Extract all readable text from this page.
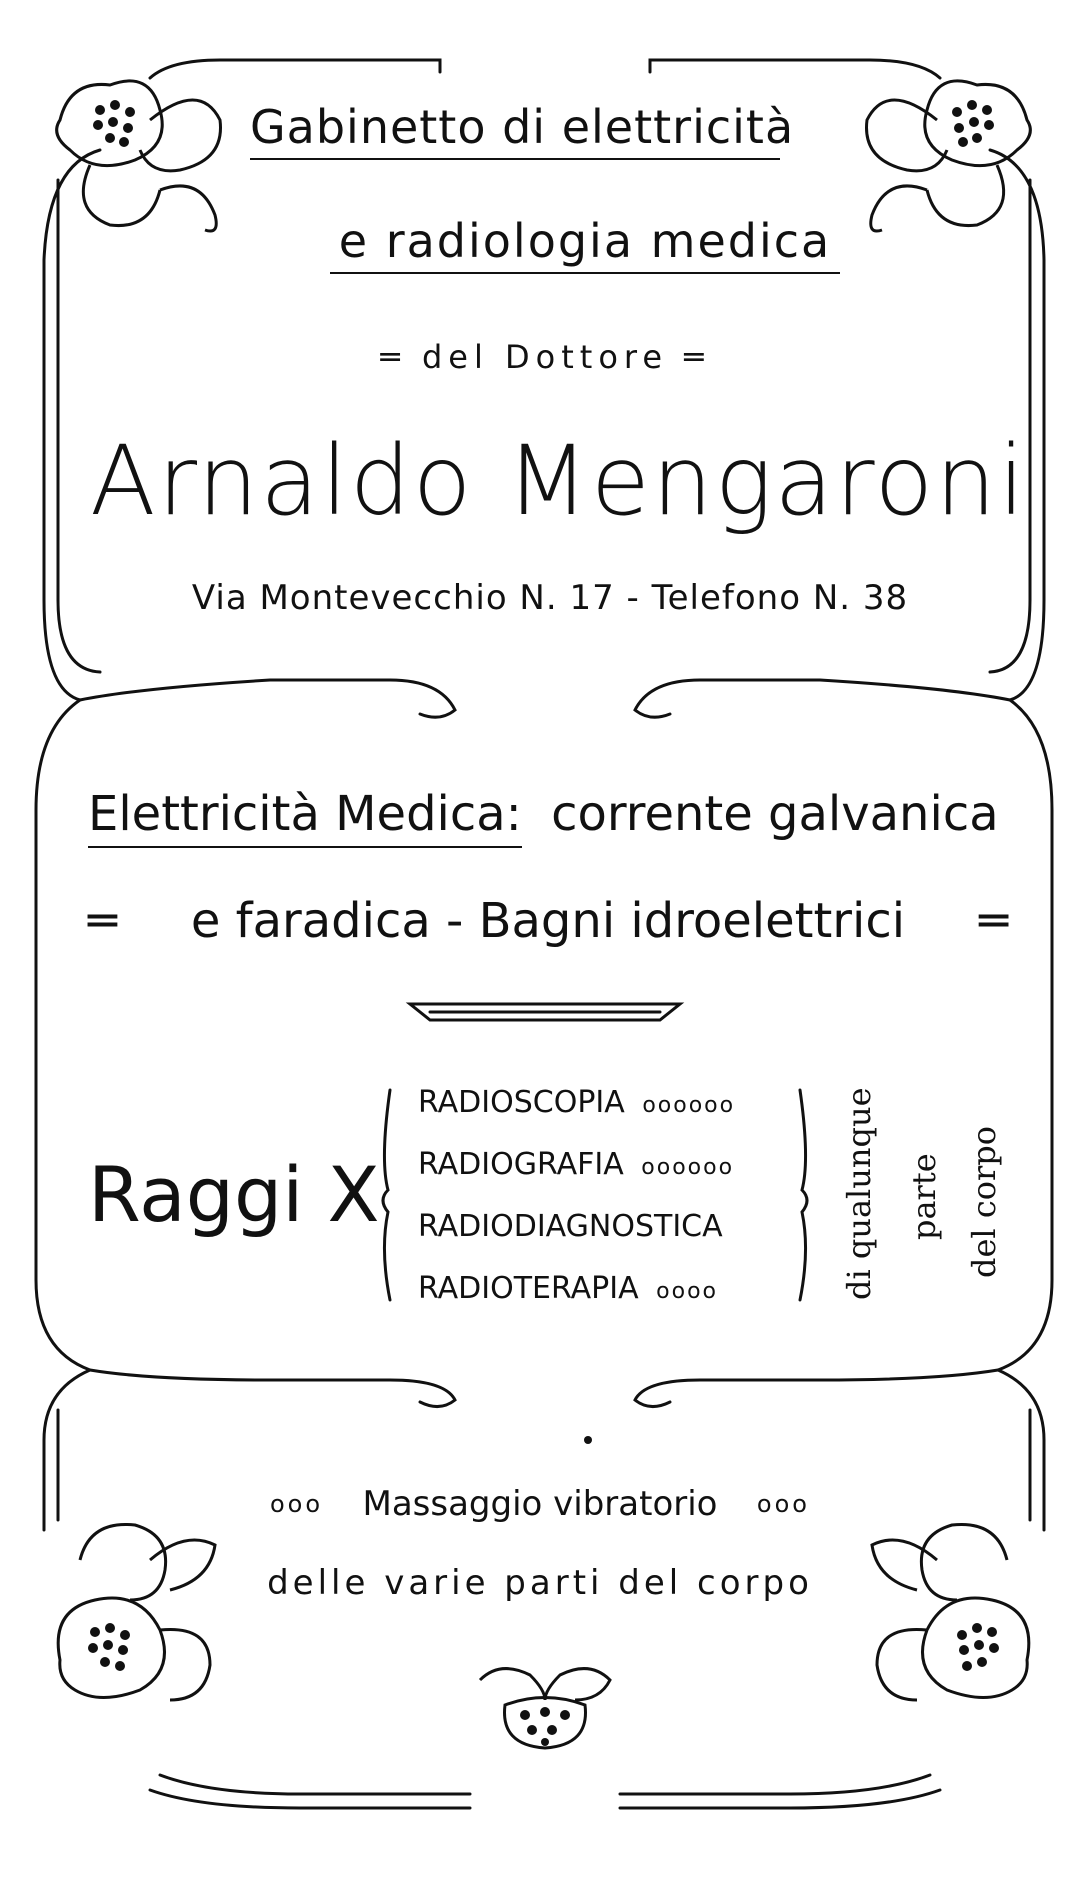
Gabinetto di elettricità
e radiologia medica
═ del Dottore ═
Arnaldo Mengaroni
Via Montevecchio N. 17 - Telefono N. 38
Elettricità Medica: corrente galvanica
═ e faradica - Bagni idroelettrici ═
Raggi X
RADIOSCOPIA oooooo
RADIOGRAFIA oooooo
RADIODIAGNOSTICA
RADIOTERAPIA oooo	di qualunque parte del corpo
ooo Massaggio vibratorio ooo
delle varie parti del corpo
